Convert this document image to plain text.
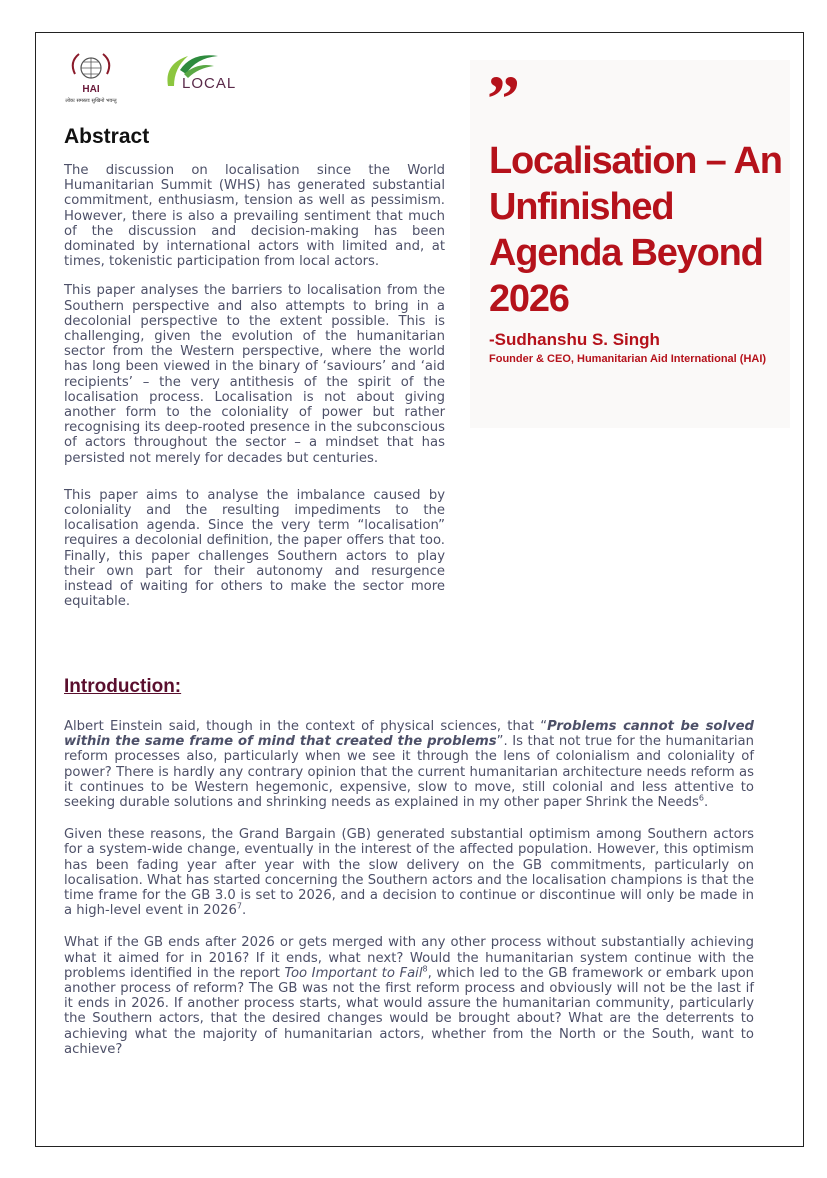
HAI
लोकः समस्ताः सुखिनो भवन्तु
LOCAL
Abstract

The discussion on localisation since the World Humanitarian Summit (WHS) has generated substantial commitment, enthusiasm, tension as well as pessimism. However, there is also a prevailing sentiment that much of the discussion and decision-making has been dominated by international actors with limited and, at times, tokenistic participation from local actors.

This paper analyses the barriers to localisation from the Southern perspective and also attempts to bring in a decolonial perspective to the extent possible. This is challenging, given the evolution of the humanitarian sector from the Western perspective, where the world has long been viewed in the binary of ‘saviours’ and ‘aid recipients’ – the very antithesis of the spirit of the localisation process. Localisation is not about giving another form to the coloniality of power but rather recognising its deep-rooted presence in the subconscious of actors throughout the sector – a mindset that has persisted not merely for decades but centuries.

This paper aims to analyse the imbalance caused by coloniality and the resulting impediments to the localisation agenda. Since the very term “localisation” requires a decolonial definition, the paper offers that too. Finally, this paper challenges Southern actors to play their own part for their autonomy and resurgence instead of waiting for others to make the sector more equitable.

”
Localisation – An Unfinished Agenda Beyond 2026
-Sudhanshu S. Singh
Founder & CEO, Humanitarian Aid International (HAI)
Introduction:

Albert Einstein said, though in the context of physical sciences, that “Problems cannot be solved within the same frame of mind that created the problems”. Is that not true for the humanitarian reform processes also, particularly when we see it through the lens of colonialism and coloniality of power? There is hardly any contrary opinion that the current humanitarian architecture needs reform as it continues to be Western hegemonic, expensive, slow to move, still colonial and less attentive to seeking durable solutions and shrinking needs as explained in my other paper Shrink the Needs$^6$.

Given these reasons, the Grand Bargain (GB) generated substantial optimism among Southern actors for a system-wide change, eventually in the interest of the affected population. However, this optimism has been fading year after year with the slow delivery on the GB commitments, particularly on localisation. What has started concerning the Southern actors and the localisation champions is that the time frame for the GB 3.0 is set to 2026, and a decision to continue or discontinue will only be made in a high-level event in 2026$^7$.

What if the GB ends after 2026 or gets merged with any other process without substantially achieving what it aimed for in 2016? If it ends, what next? Would the humanitarian system continue with the problems identified in the report Too Important to Fail$^8$, which led to the GB framework or embark upon another process of reform? The GB was not the first reform process and obviously will not be the last if it ends in 2026. If another process starts, what would assure the humanitarian community, particularly the Southern actors, that the desired changes would be brought about? What are the deterrents to achieving what the majority of humanitarian actors, whether from the North or the South, want to achieve?
